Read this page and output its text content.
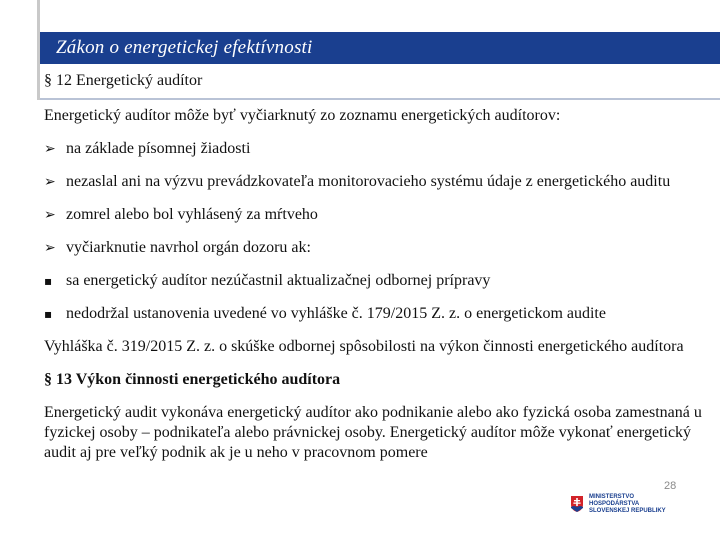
Zákon o energetickej efektívnosti
§ 12 Energetický audítor

Energetický audítor môže byť vyčiarknutý zo zoznamu energetických audítorov:

➢ na základe písomnej žiadosti
➢ nezaslal ani na výzvu prevádzkovateľa monitorovacieho systému údaje z energetického auditu
➢ zomrel alebo bol vyhlásený za mŕtveho
➢ vyčiarknutie navrhol orgán dozoru ak:
▪ sa energetický audítor nezúčastnil aktualizačnej odbornej prípravy
▪ nedodržal ustanovenia uvedené vo vyhláške č. 179/2015 Z. z. o energetickom audite

Vyhláška č. 319/2015 Z. z. o skúške odbornej spôsobilosti na výkon činnosti energetického audítora

§ 13 Výkon činnosti energetického audítora

Energetický audit vykonáva energetický audítor ako podnikanie alebo ako fyzická osoba zamestnaná u fyzickej osoby – podnikateľa alebo právnickej osoby. Energetický audítor môže vykonať energetický audit aj pre veľký podnik ak je u neho v pracovnom pomere

MINISTERSTVO
HOSPODÁRSTVA
SLOVENSKEJ REPUBLIKY
28
